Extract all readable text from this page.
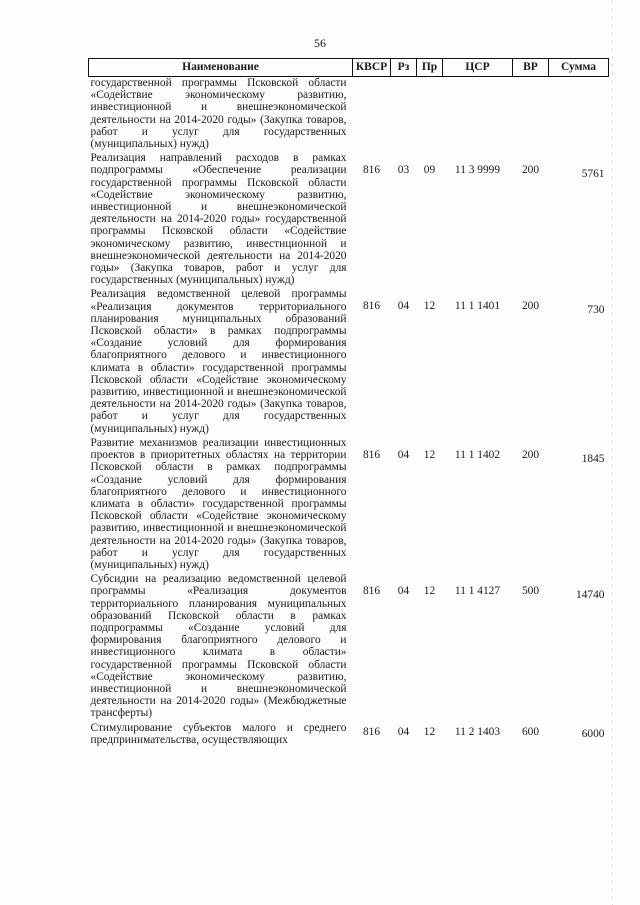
56
Наименование	КВСР	Рз	Пр	ЦСР	ВР	Сумма
государственной программы Псковской области «Содействие экономическому развитию, инвестиционной и внешнеэкономической деятельности на 2014-2020 годы» (Закупка товаров, работ и услуг для государственных (муниципальных) нужд)						
Реализация направлений расходов в рамках подпрограммы «Обеспечение реализации государственной программы Псковской области «Содействие экономическому развитию, инвестиционной и внешнеэкономической деятельности на 2014-2020 годы» государственной программы Псковской области «Содействие экономическому развитию, инвестиционной и внешнеэкономической деятельности на 2014-2020 годы» (Закупка товаров, работ и услуг для государственных (муниципальных) нужд)	816	03	09	11 3 9999	200	5761
Реализация ведомственной целевой программы «Реализация документов территориального планирования муниципальных образований Псковской области» в рамках подпрограммы «Создание условий для формирования благоприятного делового и инвестиционного климата в области» государственной программы Псковской области «Содействие экономическому развитию, инвестиционной и внешнеэкономической деятельности на 2014-2020 годы» (Закупка товаров, работ и услуг для государственных (муниципальных) нужд)	816	04	12	11 1 1401	200	730
Развитие механизмов реализации инвестиционных проектов в приоритетных областях на территории Псковской области в рамках подпрограммы «Создание условий для формирования благоприятного делового и инвестиционного климата в области» государственной программы Псковской области «Содействие экономическому развитию, инвестиционной и внешнеэкономической деятельности на 2014-2020 годы» (Закупка товаров, работ и услуг для государственных (муниципальных) нужд)	816	04	12	11 1 1402	200	1845
Субсидии на реализацию ведомственной целевой программы «Реализация документов территориального планирования муниципальных образований Псковской области в рамках подпрограммы «Создание условий для формирования благоприятного делового и инвестиционного климата в области» государственной программы Псковской области «Содействие экономическому развитию, инвестиционной и внешнеэкономической деятельности на 2014-2020 годы» (Межбюджетные трансферты)	816	04	12	11 1 4127	500	14740
Стимулирование субъектов малого и среднего предпринимательства, осуществляющих	816	04	12	11 2 1403	600	6000
